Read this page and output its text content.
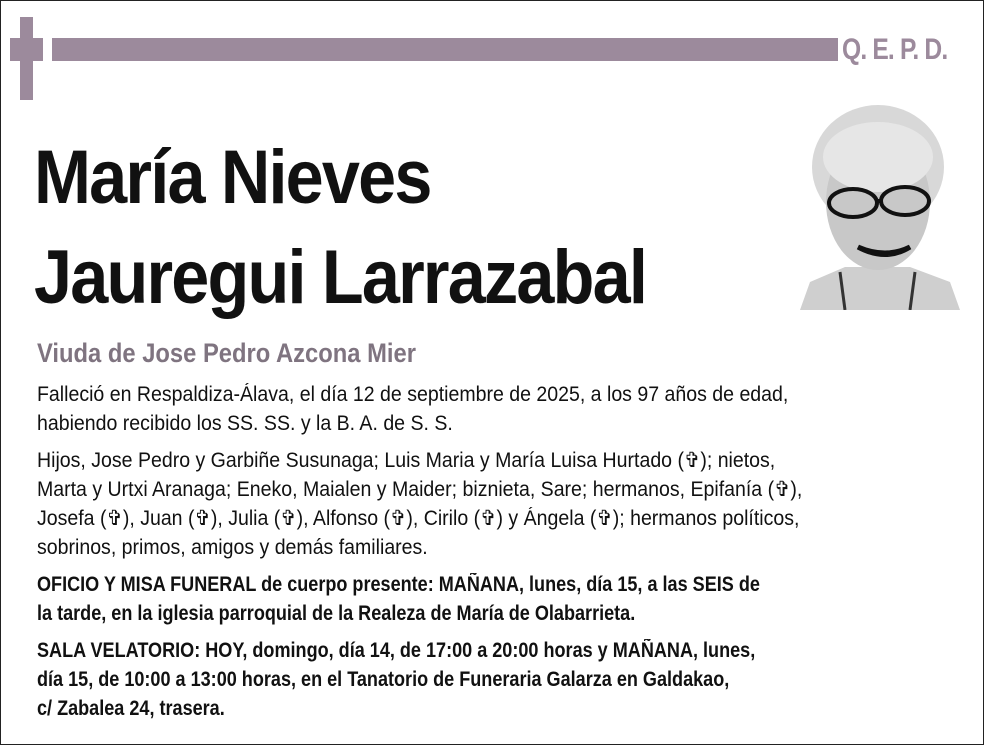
Q. E. P. D.
María Nieves
Jauregui Larrazabal
Viuda de Jose Pedro Azcona Mier
Falleció en Respaldiza-Álava, el día 12 de septiembre de 2025, a los 97 años de edad,
habiendo recibido los SS. SS. y la B. A. de S. S.
Hijos, Jose Pedro y Garbiñe Susunaga; Luis Maria y María Luisa Hurtado (✞); nietos,
Marta y Urtxi Aranaga; Eneko, Maialen y Maider; biznieta, Sare; hermanos, Epifanía (✞),
Josefa (✞), Juan (✞), Julia (✞), Alfonso (✞), Cirilo (✞) y Ángela (✞); hermanos políticos,
sobrinos, primos, amigos y demás familiares.
OFICIO Y MISA FUNERAL de cuerpo presente: MAÑANA, lunes, día 15, a las SEIS de
la tarde, en la iglesia parroquial de la Realeza de María de Olabarrieta.
SALA VELATORIO: HOY, domingo, día 14, de 17:00 a 20:00 horas y MAÑANA, lunes,
día 15, de 10:00 a 13:00 horas, en el Tanatorio de Funeraria Galarza en Galdakao,
c/ Zabalea 24, trasera.
